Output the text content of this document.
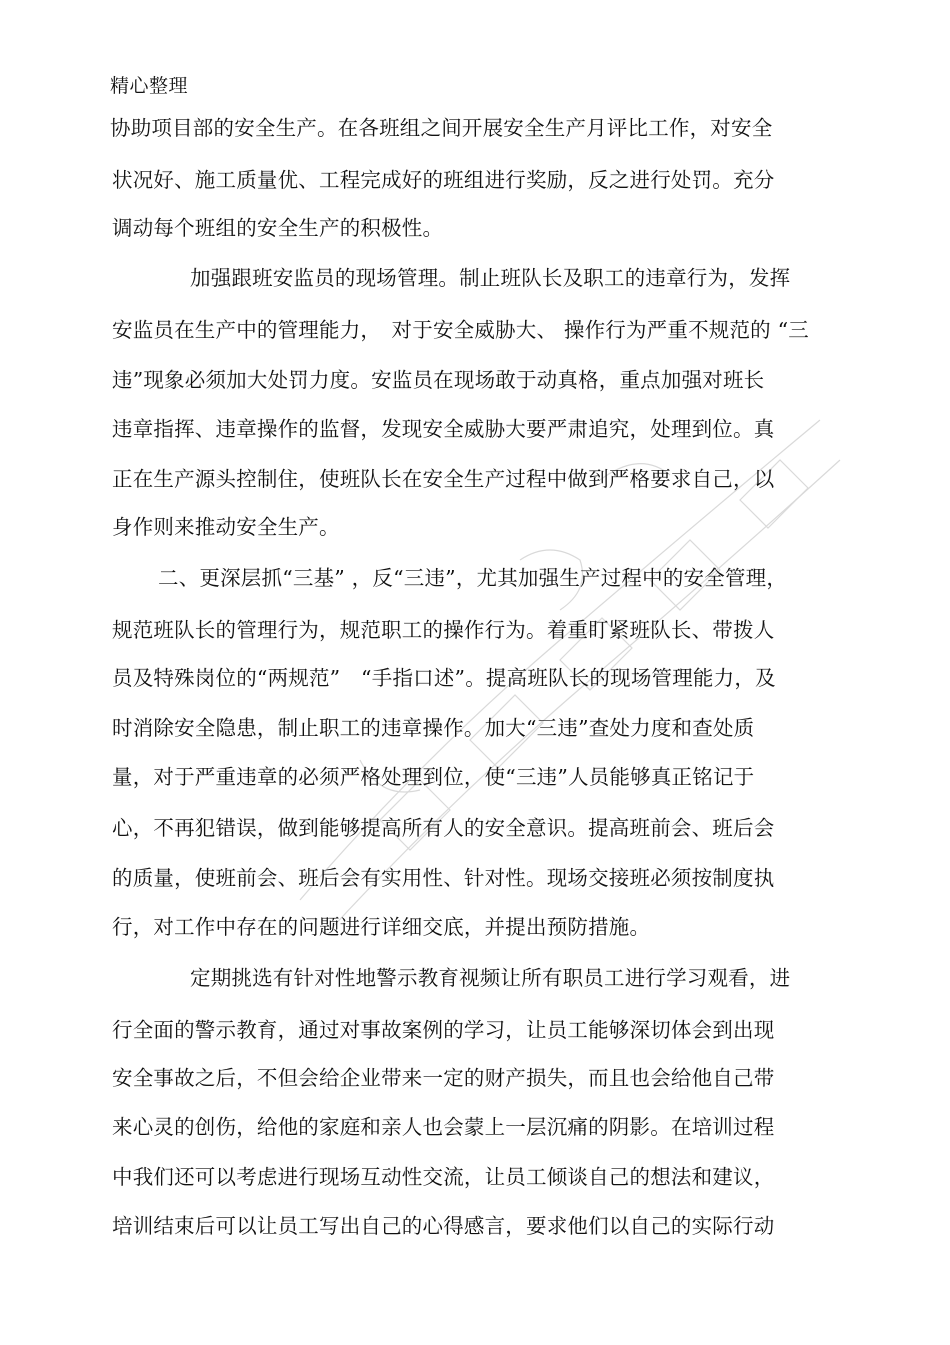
精心整理
协助项目部的安全生产。在各班组之间开展安全生产月评比工作，对安全
状况好、施工质量优、工程完成好的班组进行奖励，反之进行处罚。充分
调动每个班组的安全生产的积极性。
加强跟班安监员的现场管理。制止班队长及职工的违章行为，发挥
安监员在生产中的管理能力，　对于安全威胁大、 操作行为严重不规范的 “三
违”现象必须加大处罚力度。安监员在现场敢于动真格，重点加强对班长
违章指挥、违章操作的监督，发现安全威胁大要严肃追究，处理到位。真
正在生产源头控制住，使班队长在安全生产过程中做到严格要求自己，以
身作则来推动安全生产。
二、更深层抓“三基” ，反“三违”，尤其加强生产过程中的安全管理，
规范班队长的管理行为，规范职工的操作行为。着重盯紧班队长、带拨人
员及特殊岗位的“两规范”　“手指口述”。提高班队长的现场管理能力，及
时消除安全隐患，制止职工的违章操作。加大“三违”查处力度和查处质
量，对于严重违章的必须严格处理到位，使“三违”人员能够真正铭记于
心，不再犯错误，做到能够提高所有人的安全意识。提高班前会、班后会
的质量，使班前会、班后会有实用性、针对性。现场交接班必须按制度执
行，对工作中存在的问题进行详细交底，并提出预防措施。
定期挑选有针对性地警示教育视频让所有职员工进行学习观看，进
行全面的警示教育，通过对事故案例的学习，让员工能够深切体会到出现
安全事故之后，不但会给企业带来一定的财产损失，而且也会给他自己带
来心灵的创伤，给他的家庭和亲人也会蒙上一层沉痛的阴影。在培训过程
中我们还可以考虑进行现场互动性交流，让员工倾谈自己的想法和建议，
培训结束后可以让员工写出自己的心得感言，要求他们以自己的实际行动
